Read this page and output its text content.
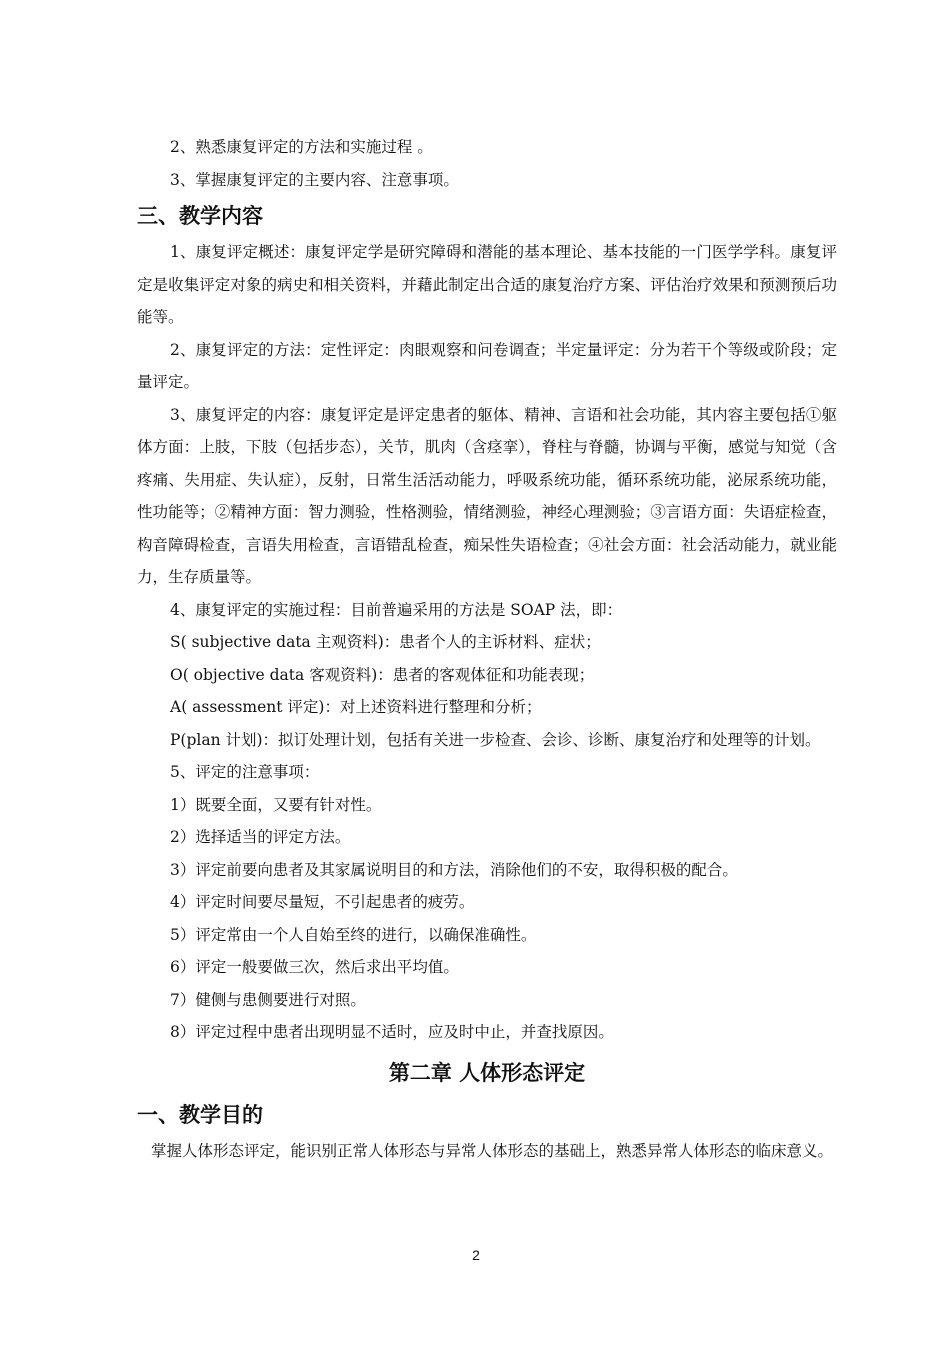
2、熟悉康复评定的方法和实施过程 。

3、掌握康复评定的主要内容、注意事项。

三、教学内容

1、康复评定概述：康复评定学是研究障碍和潜能的基本理论、基本技能的一门医学学科。康复评定是收集评定对象的病史和相关资料，并藉此制定出合适的康复治疗方案、评估治疗效果和预测预后功能等。

2、康复评定的方法：定性评定：肉眼观察和问卷调查；半定量评定：分为若干个等级或阶段；定量评定。

3、康复评定的内容：康复评定是评定患者的躯体、精神、言语和社会功能，其内容主要包括①躯体方面：上肢，下肢（包括步态），关节，肌肉（含痉挛），脊柱与脊髓，协调与平衡，感觉与知觉（含疼痛、失用症、失认症），反射，日常生活活动能力，呼吸系统功能，循环系统功能，泌尿系统功能，性功能等；②精神方面：智力测验，性格测验，情绪测验，神经心理测验；③言语方面：失语症检查，构音障碍检查，言语失用检查，言语错乱检查，痴呆性失语检查；④社会方面：社会活动能力，就业能力，生存质量等。

4、康复评定的实施过程：目前普遍采用的方法是 SOAP 法，即：

S( subjective data 主观资料)：患者个人的主诉材料、症状；

O( objective data 客观资料)：患者的客观体征和功能表现；

A( assessment 评定)：对上述资料进行整理和分析；

P(plan 计划)：拟订处理计划，包括有关进一步检查、会诊、诊断、康复治疗和处理等的计划。

5、评定的注意事项：

1）既要全面，又要有针对性。

2）选择适当的评定方法。

3）评定前要向患者及其家属说明目的和方法，消除他们的不安，取得积极的配合。

4）评定时间要尽量短，不引起患者的疲劳。

5）评定常由一个人自始至终的进行，以确保准确性。

6）评定一般要做三次，然后求出平均值。

7）健侧与患侧要进行对照。

8）评定过程中患者出现明显不适时，应及时中止，并查找原因。

第二章 人体形态评定
一、教学目的

掌握人体形态评定，能识别正常人体形态与异常人体形态的基础上，熟悉异常人体形态的临床意义。

2
